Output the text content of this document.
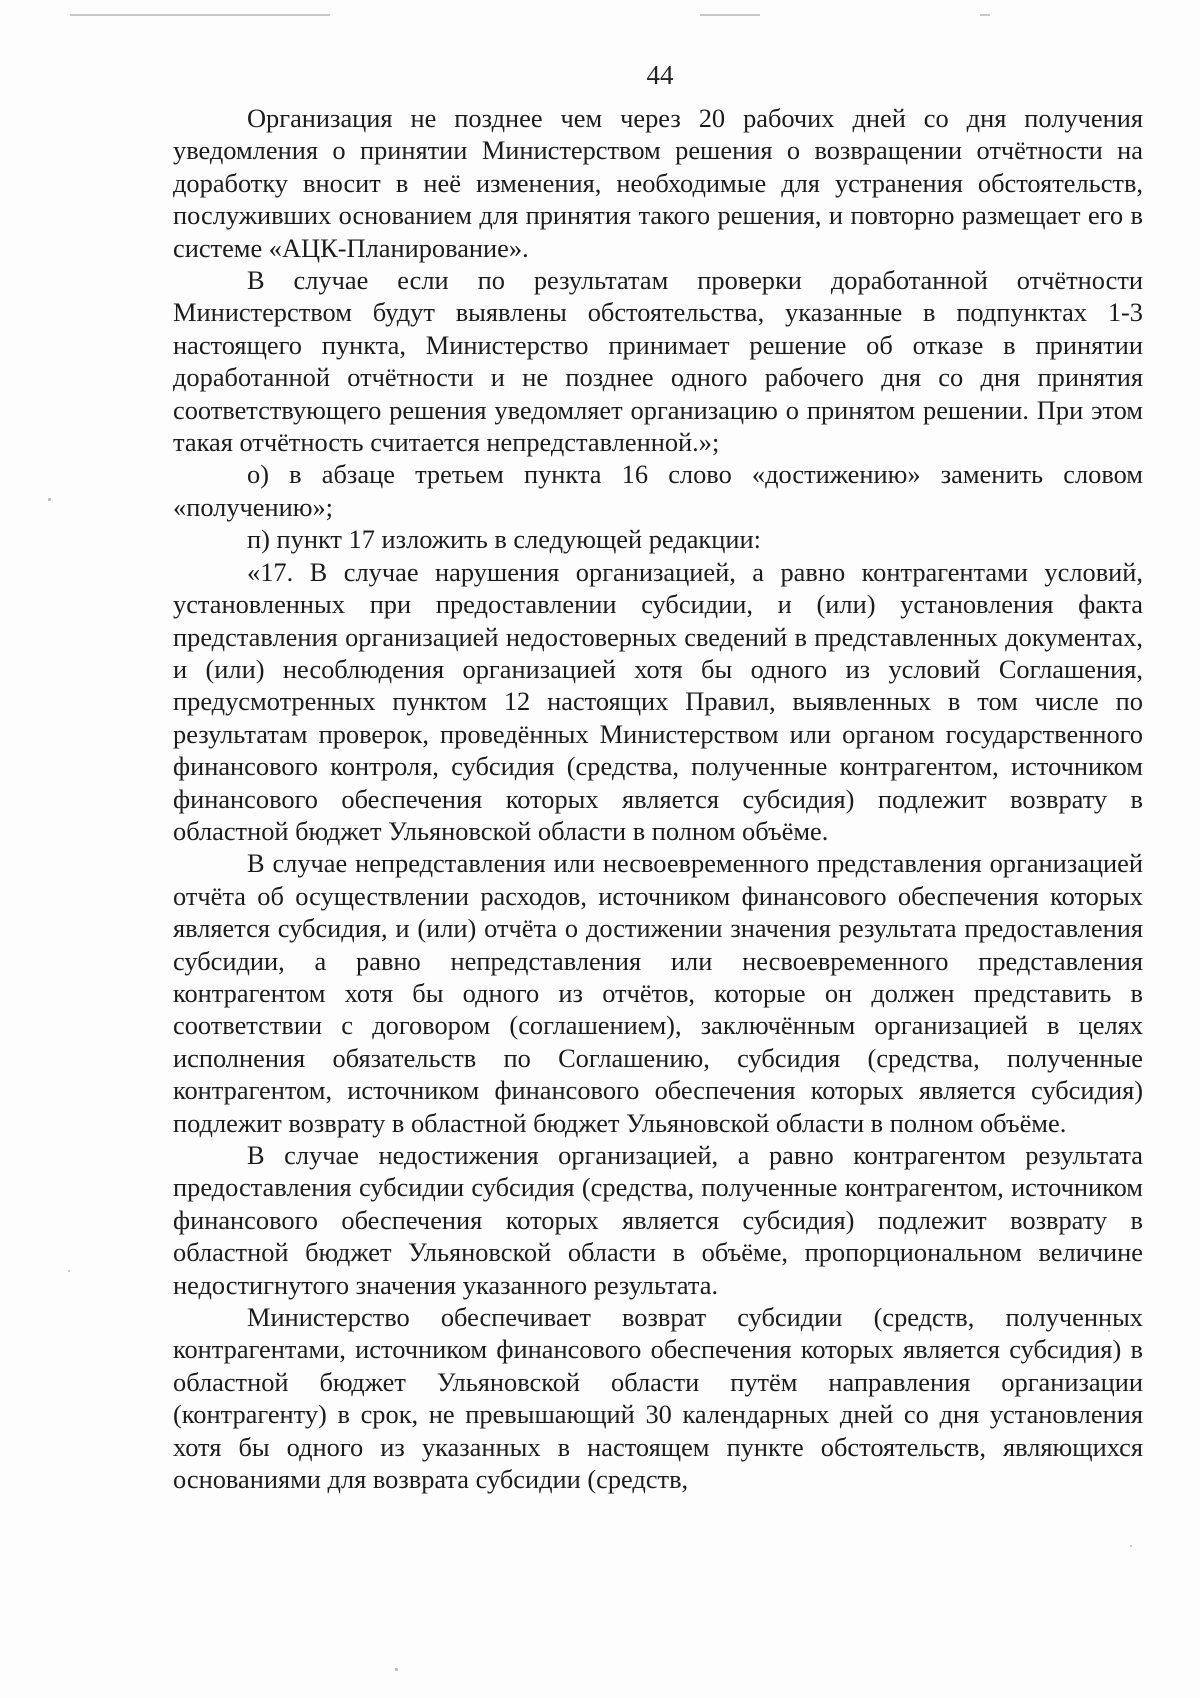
44

Организация не позднее чем через 20 рабочих дней со дня получения уведомления о принятии Министерством решения о возвращении отчётности на доработку вносит в неё изменения, необходимые для устранения обстоятельств, послуживших основанием для принятия такого решения, и повторно размещает его в системе «АЦК-Планирование».

В случае если по результатам проверки доработанной отчётности Министерством будут выявлены обстоятельства, указанные в подпунктах 1-3 настоящего пункта, Министерство принимает решение об отказе в принятии доработанной отчётности и не позднее одного рабочего дня со дня принятия соответствующего решения уведомляет организацию о принятом решении. При этом такая отчётность считается непредставленной.»;

о) в абзаце третьем пункта 16 слово «достижению» заменить словом «получению»;

п) пункт 17 изложить в следующей редакции:

«17. В случае нарушения организацией, а равно контрагентами условий, установленных при предоставлении субсидии, и (или) установления факта представления организацией недостоверных сведений в представленных документах, и (или) несоблюдения организацией хотя бы одного из условий Соглашения, предусмотренных пунктом 12 настоящих Правил, выявленных в том числе по результатам проверок, проведённых Министерством или органом государственного финансового контроля, субсидия (средства, полученные контрагентом, источником финансового обеспечения которых является субсидия) подлежит возврату в областной бюджет Ульяновской области в полном объёме.

В случае непредставления или несвоевременного представления организацией отчёта об осуществлении расходов, источником финансового обеспечения которых является субсидия, и (или) отчёта о достижении значения результата предоставления субсидии, а равно непредставления или несвоевременного представления контрагентом хотя бы одного из отчётов, которые он должен представить в соответствии с договором (соглашением), заключённым организацией в целях исполнения обязательств по Соглашению, субсидия (средства, полученные контрагентом, источником финансового обеспечения которых является субсидия) подлежит возврату в областной бюджет Ульяновской области в полном объёме.

В случае недостижения организацией, а равно контрагентом результата предоставления субсидии субсидия (средства, полученные контрагентом, источником финансового обеспечения которых является субсидия) подлежит возврату в областной бюджет Ульяновской области в объёме, пропорциональном величине недостигнутого значения указанного результата.

Министерство обеспечивает возврат субсидии (средств, полученных контрагентами, источником финансового обеспечения которых является субсидия) в областной бюджет Ульяновской области путём направления организации (контрагенту) в срок, не превышающий 30 календарных дней со дня установления хотя бы одного из указанных в настоящем пункте обстоятельств, являющихся основаниями для возврата субсидии (средств,
